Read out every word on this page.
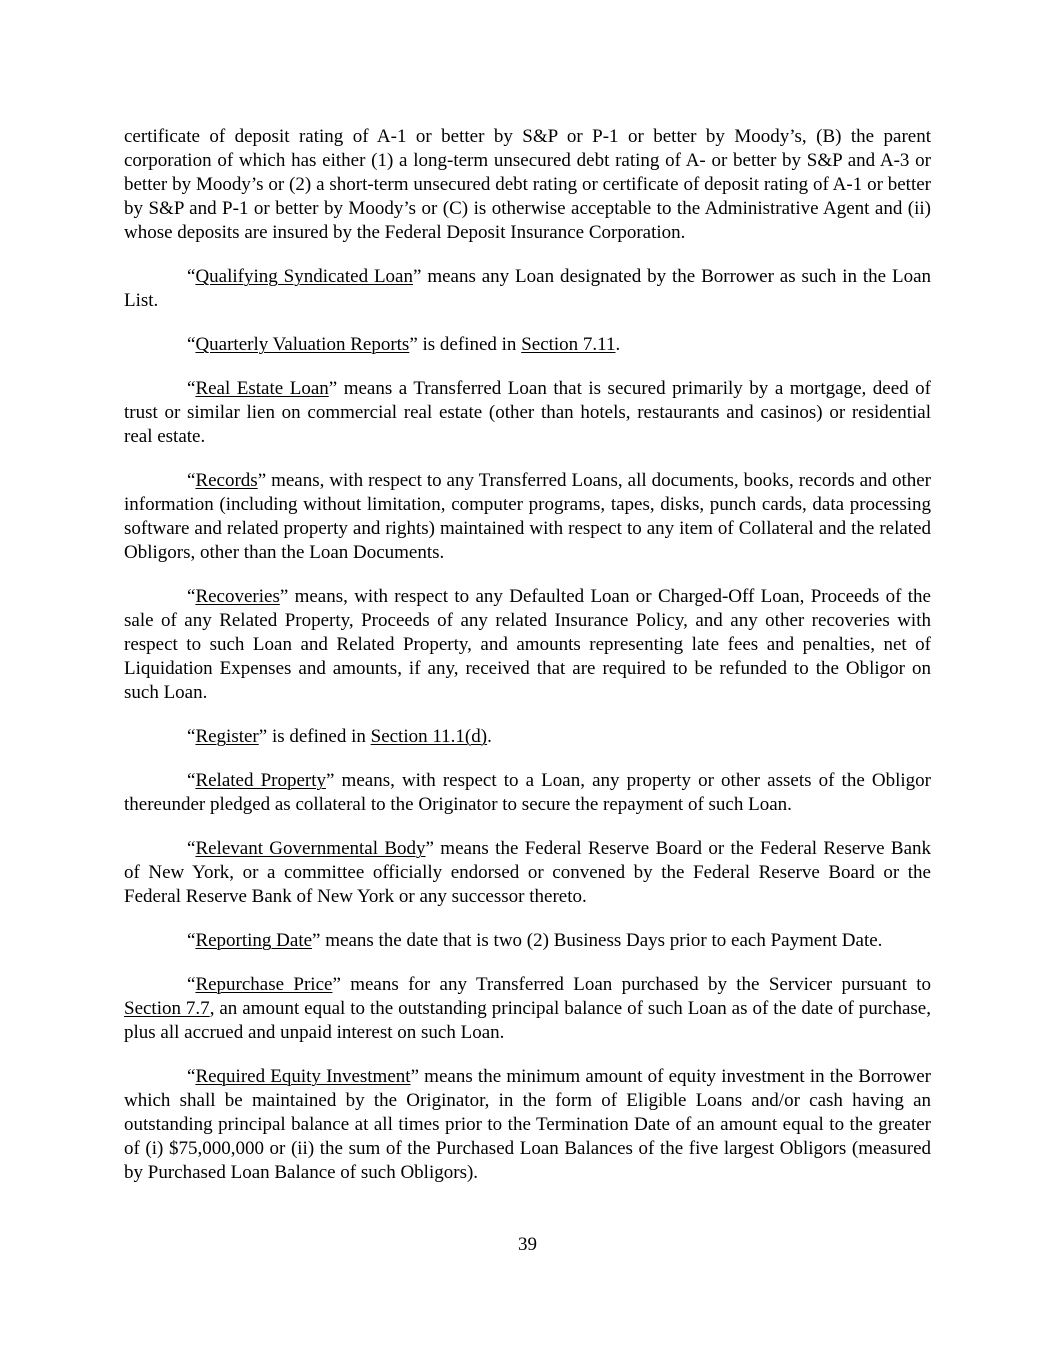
certificate of deposit rating of A-1 or better by S&P or P-1 or better by Moody’s, (B) the parent corporation of which has either (1) a long-term unsecured debt rating of A- or better by S&P and A-3 or better by Moody’s or (2) a short-term unsecured debt rating or certificate of deposit rating of A-1 or better by S&P and P-1 or better by Moody’s or (C) is otherwise acceptable to the Administrative Agent and (ii) whose deposits are insured by the Federal Deposit Insurance Corporation.

“Qualifying Syndicated Loan” means any Loan designated by the Borrower as such in the Loan List.

“Quarterly Valuation Reports” is defined in Section 7.11.

“Real Estate Loan” means a Transferred Loan that is secured primarily by a mortgage, deed of trust or similar lien on commercial real estate (other than hotels, restaurants and casinos) or residential real estate.

“Records” means, with respect to any Transferred Loans, all documents, books, records and other information (including without limitation, computer programs, tapes, disks, punch cards, data processing software and related property and rights) maintained with respect to any item of Collateral and the related Obligors, other than the Loan Documents.

“Recoveries” means, with respect to any Defaulted Loan or Charged-Off Loan, Proceeds of the sale of any Related Property, Proceeds of any related Insurance Policy, and any other recoveries with respect to such Loan and Related Property, and amounts representing late fees and penalties, net of Liquidation Expenses and amounts, if any, received that are required to be refunded to the Obligor on such Loan.

“Register” is defined in Section 11.1(d).

“Related Property” means, with respect to a Loan, any property or other assets of the Obligor thereunder pledged as collateral to the Originator to secure the repayment of such Loan.

“Relevant Governmental Body” means the Federal Reserve Board or the Federal Reserve Bank of New York, or a committee officially endorsed or convened by the Federal Reserve Board or the Federal Reserve Bank of New York or any successor thereto.

“Reporting Date” means the date that is two (2) Business Days prior to each Payment Date.

“Repurchase Price” means for any Transferred Loan purchased by the Servicer pursuant to Section 7.7, an amount equal to the outstanding principal balance of such Loan as of the date of purchase, plus all accrued and unpaid interest on such Loan.

“Required Equity Investment” means the minimum amount of equity investment in the Borrower which shall be maintained by the Originator, in the form of Eligible Loans and/or cash having an outstanding principal balance at all times prior to the Termination Date of an amount equal to the greater of (i) $75,000,000 or (ii) the sum of the Purchased Loan Balances of the five largest Obligors (measured by Purchased Loan Balance of such Obligors).

39
